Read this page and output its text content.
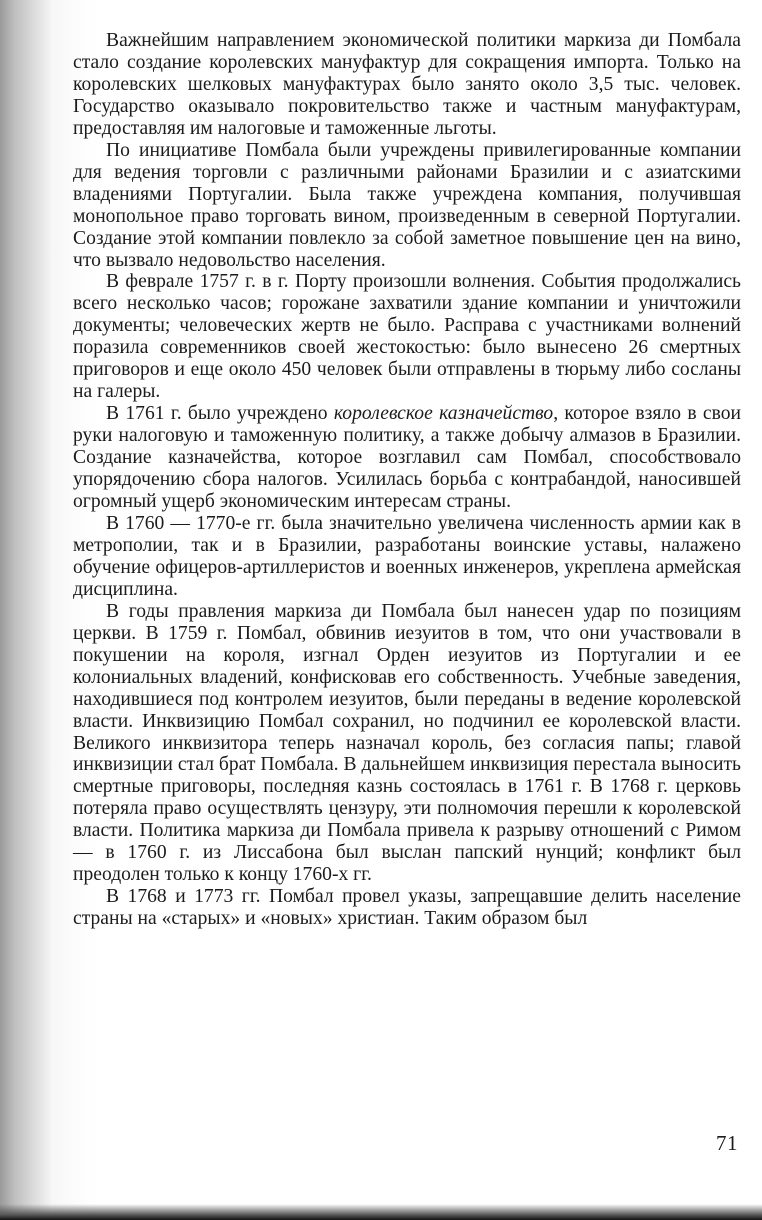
Важнейшим направлением экономической политики маркиза ди Помбала стало создание королевских мануфактур для сокращения импорта. Только на королевских шелковых мануфактурах было занято около 3,5 тыс. человек. Государство оказывало покровительство также и частным мануфактурам, предоставляя им налоговые и таможенные льготы.

По инициативе Помбала были учреждены привилегированные компании для ведения торговли с различными районами Бразилии и с азиатскими владениями Португалии. Была также учреждена компания, получившая монопольное право торговать вином, произведенным в северной Португалии. Создание этой компании повлекло за собой заметное повышение цен на вино, что вызвало недовольство населения.

В феврале 1757 г. в г. Порту произошли волнения. События продолжались всего несколько часов; горожане захватили здание компании и уничтожили документы; человеческих жертв не было. Расправа с участниками волнений поразила современников своей жестокостью: было вынесено 26 смертных приговоров и еще около 450 человек были отправлены в тюрьму либо сосланы на галеры.

В 1761 г. было учреждено королевское казначейство, которое взяло в свои руки налоговую и таможенную политику, а также добычу алмазов в Бразилии. Создание казначейства, которое возглавил сам Помбал, способствовало упорядочению сбора налогов. Усилилась борьба с контрабандой, наносившей огромный ущерб экономическим интересам страны.

В 1760 — 1770-е гг. была значительно увеличена численность армии как в метрополии, так и в Бразилии, разработаны воинские уставы, налажено обучение офицеров-артиллеристов и военных инженеров, укреплена армейская дисциплина.

В годы правления маркиза ди Помбала был нанесен удар по позициям церкви. В 1759 г. Помбал, обвинив иезуитов в том, что они участвовали в покушении на короля, изгнал Орден иезуитов из Португалии и ее колониальных владений, конфисковав его собственность. Учебные заведения, находившиеся под контролем иезуитов, были переданы в ведение королевской власти. Инквизицию Помбал сохранил, но подчинил ее королевской власти. Великого инквизитора теперь назначал король, без согласия папы; главой инквизиции стал брат Помбала. В дальнейшем инквизиция перестала выносить смертные приговоры, последняя казнь состоялась в 1761 г. В 1768 г. церковь потеряла право осуществлять цензуру, эти полномочия перешли к королевской власти. Политика маркиза ди Помбала привела к разрыву отношений с Римом — в 1760 г. из Лиссабона был выслан папский нунций; конфликт был преодолен только к концу 1760-х гг.

В 1768 и 1773 гг. Помбал провел указы, запрещавшие делить население страны на «старых» и «новых» христиан. Таким образом был

71
